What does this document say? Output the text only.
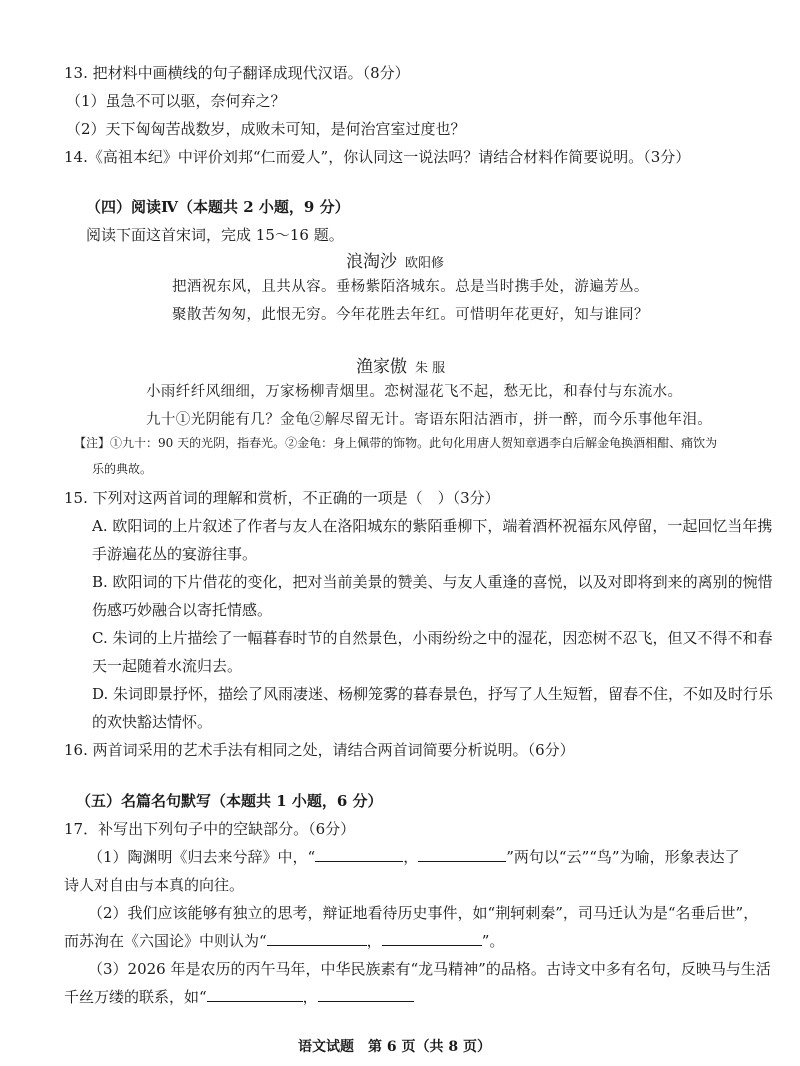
13. 把材料中画横线的句子翻译成现代汉语。（8分）
（1）虽急不可以驱，奈何弃之？
（2）天下匈匈苦战数岁，成败未可知，是何治宫室过度也？
14.《高祖本纪》中评价刘邦“仁而爱人”，你认同这一说法吗？请结合材料作简要说明。（3分）
（四）阅读Ⅳ（本题共 2 小题，9 分）
阅读下面这首宋词，完成 15～16 题。
浪淘沙 欧阳修
把酒祝东风，且共从容。垂杨紫陌洛城东。总是当时携手处，游遍芳丛。
聚散苦匆匆，此恨无穷。今年花胜去年红。可惜明年花更好，知与谁同？
渔家傲 朱 服
小雨纤纤风细细，万家杨柳青烟里。恋树湿花飞不起，愁无比，和春付与东流水。
九十①光阴能有几？金龟②解尽留无计。寄语东阳沽酒市，拼一醉，而今乐事他年泪。
【注】①九十：90 天的光阴，指春光。②金龟：身上佩带的饰物。此句化用唐人贺知章遇李白后解金龟换酒相酣、痛饮为
乐的典故。
15. 下列对这两首词的理解和赏析，不正确的一项是（　）（3分）
A. 欧阳词的上片叙述了作者与友人在洛阳城东的紫陌垂柳下，端着酒杯祝福东风停留，一起回忆当年携
手游遍花丛的宴游往事。
B. 欧阳词的下片借花的变化，把对当前美景的赞美、与友人重逢的喜悦，以及对即将到来的离别的惋惜
伤感巧妙融合以寄托情感。
C. 朱词的上片描绘了一幅暮春时节的自然景色，小雨纷纷之中的湿花，因恋树不忍飞，但又不得不和春
天一起随着水流归去。
D. 朱词即景抒怀，描绘了风雨凄迷、杨柳笼雾的暮春景色，抒写了人生短暂，留春不住，不如及时行乐
的欢快豁达情怀。
16. 两首词采用的艺术手法有相同之处，请结合两首词简要分析说明。（6分）
（五）名篇名句默写（本题共 1 小题，6 分）
17．补写出下列句子中的空缺部分。（6分）
（1）陶渊明《归去来兮辞》中，“	，	”两句以“云”“鸟”为喻，形象表达了
诗人对自由与本真的向往。
（2）我们应该能够有独立的思考，辩证地看待历史事件，如“荆轲刺秦”，司马迁认为是“名垂后世”，
而苏洵在《六国论》中则认为“	，	”。
（3）2026 年是农历的丙午马年，中华民族素有“龙马精神”的品格。古诗文中多有名句，反映马与生活
千丝万缕的联系，如“	，
语文试题　第 6 页（共 8 页）
